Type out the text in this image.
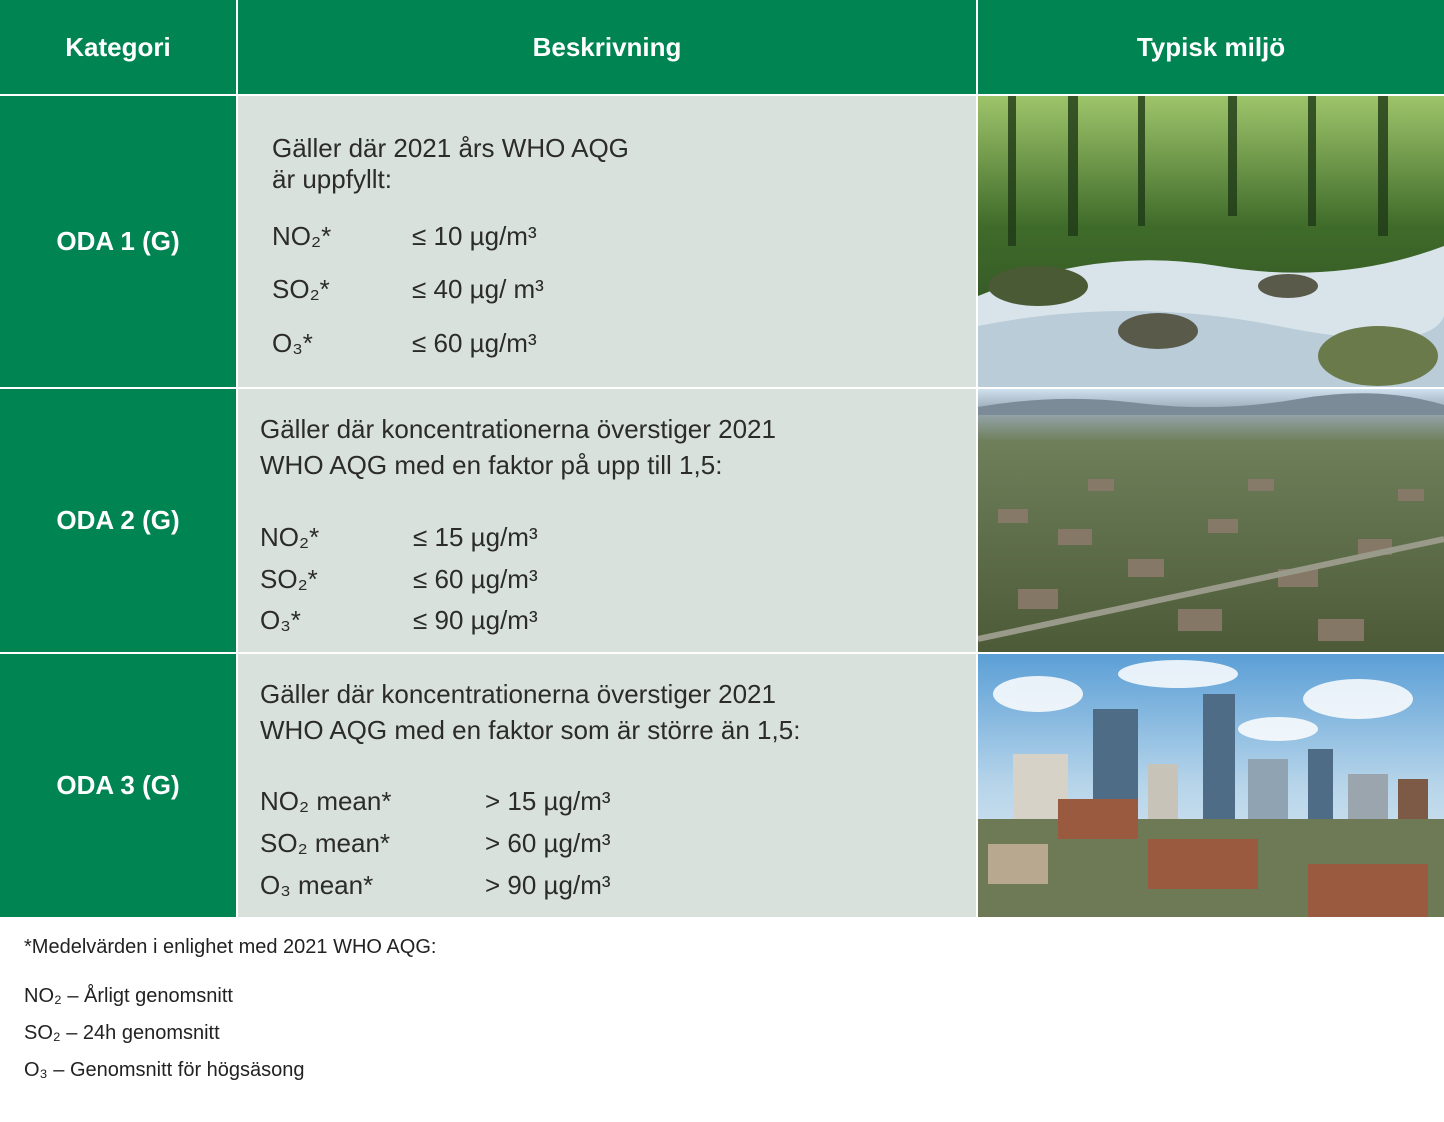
Kategori	Beskrivning	Typisk miljö
ODA 1 (G)
Gäller där 2021 års WHO AQG
är uppfyllt:
NO₂*	≤ 10 µg/m³
SO₂*	≤ 40 µg/ m³
O₃*	≤ 60 µg/m³
ODA 2 (G)
Gäller där koncentrationerna överstiger 2021
WHO AQG med en faktor på upp till 1,5:
NO₂*	≤ 15 µg/m³
SO₂*	≤ 60 µg/m³
O₃*	≤ 90 µg/m³
ODA 3 (G)
Gäller där koncentrationerna överstiger 2021
WHO AQG med en faktor som är större än 1,5:
NO₂ mean*	> 15 µg/m³
SO₂ mean*	> 60 µg/m³
O₃ mean*	> 90 µg/m³
*Medelvärden i enlighet med 2021 WHO AQG:
NO₂ – Årligt genomsnitt
SO₂ – 24h genomsnitt
O₃ – Genomsnitt för högsäsong
